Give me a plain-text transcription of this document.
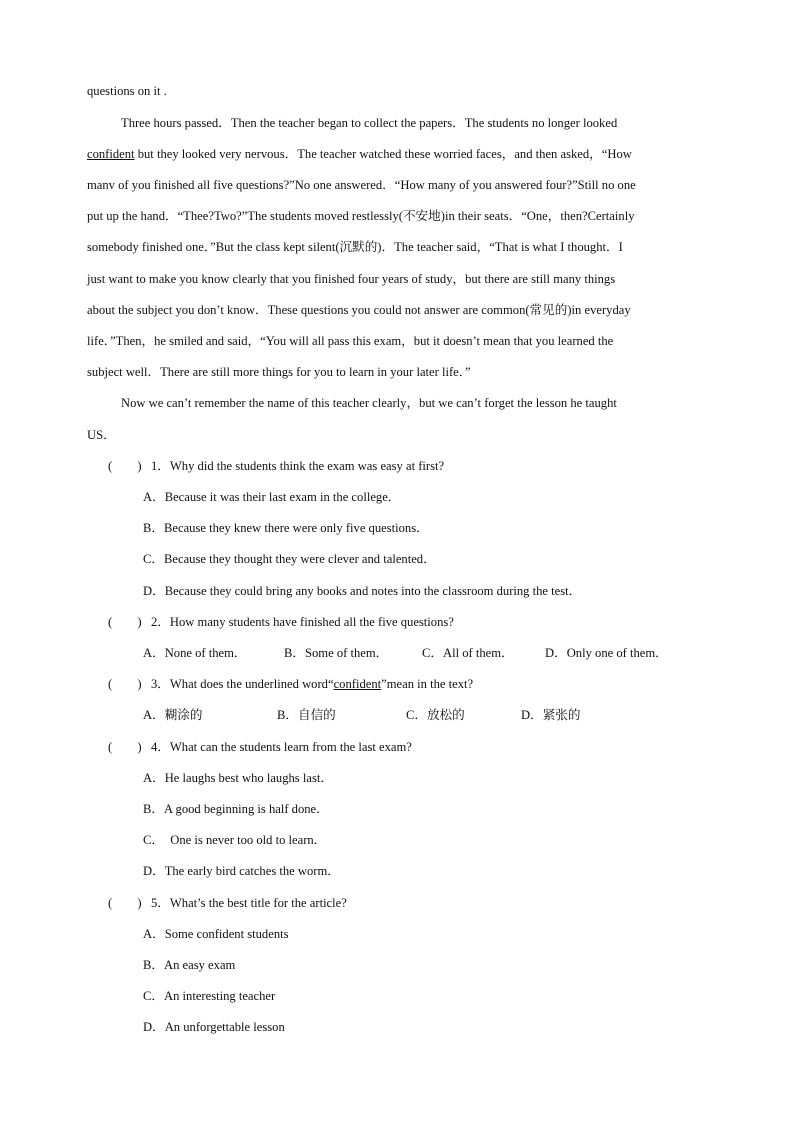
questions on it .
Three hours passed．Then the teacher began to collect the papers．The students no longer looked
confident but they looked very nervous．The teacher watched these worried faces，and then asked，“How
manv of you finished all five questions?”No one answered．“How many of you answered four?”Still no one
put up the hand．“Thee?Two?”The students moved restlessly(不安地)in their seats．“One，then?Certainly
somebody finished one．”But the class kept silent(沉默的)．The teacher said，“That is what I thought．I
just want to make you know clearly that you finished four years of study，but there are still many things
about the subject you don’t know．These questions you could not answer are common(常见的)in everyday
life．”Then，he smiled and said，“You will all pass this exam，but it doesn’t mean that you learned the
subject well．There are still more things for you to learn in your later life．”
Now we can’t remember the name of this teacher clearly，but we can’t forget the lesson he taught
US．
(　　) 1．Why did the students think the exam was easy at first?
A．Because it was their last exam in the college．
B．Because they knew there were only five questions．
C．Because they thought they were clever and talented．
D．Because they could bring any books and notes into the classroom during the test．
(　　) 2．How many students have finished all the five questions?
A．None of them．	B．Some of them．	C．All of them． D．Only one of them．
(　　) 3．What does the underlined word“confident”mean in the text?
A．糊涂的	B．自信的	C．放松的	D．紧张的
(　　) 4．What can the students learn from the last exam?
A．He laughs best who laughs last．
B．A good beginning is half done．
C．  One is never too old to learn．
D．The early bird catches the worm．
(　　) 5．What’s the best title for the article?
A．Some confident students
B．An easy exam
C．An interesting teacher
D．An unforgettable lesson
